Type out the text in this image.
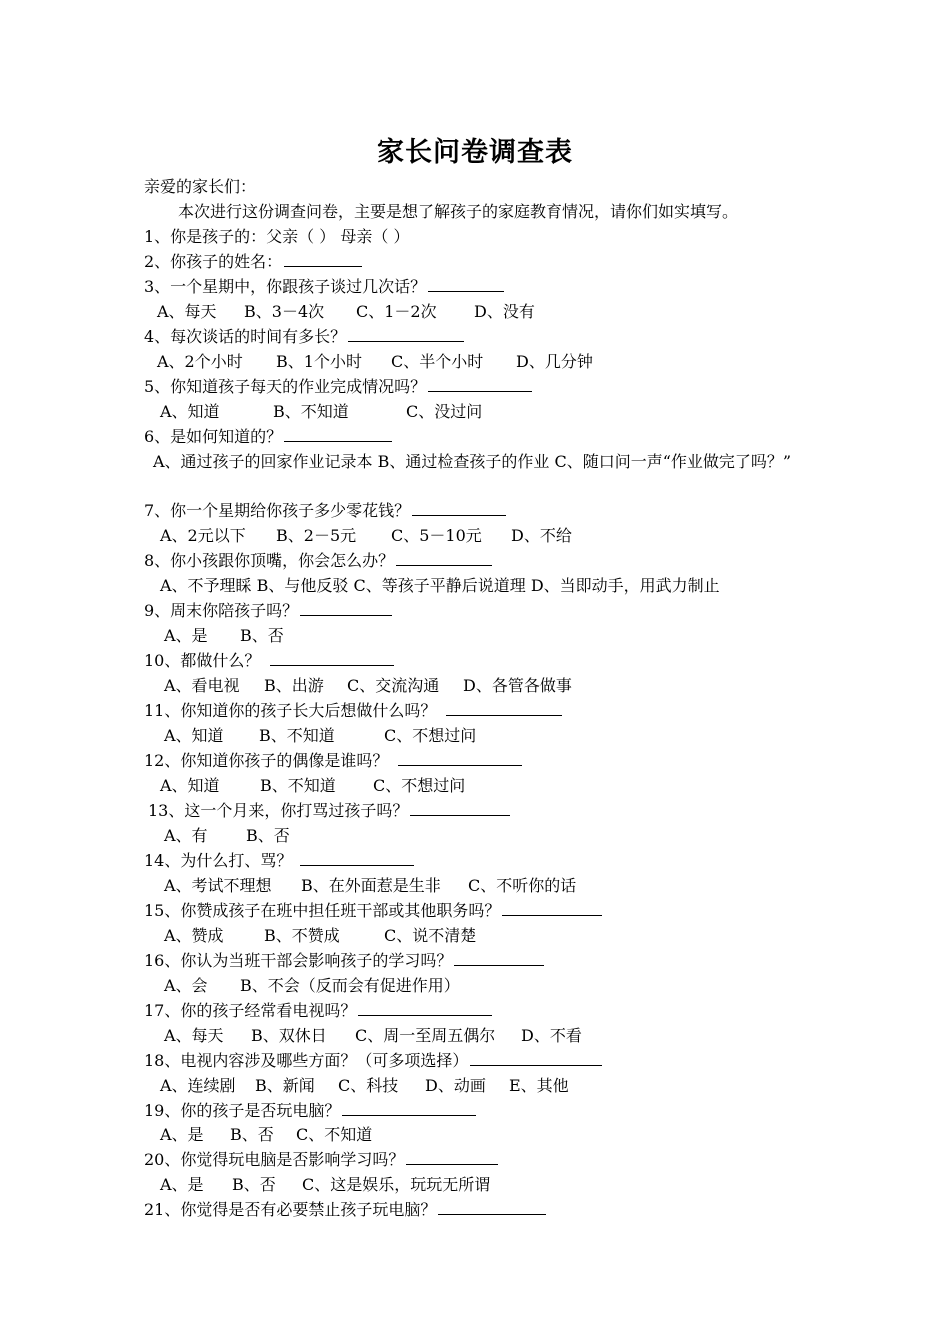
家长问卷调查表
亲爱的家长们：
本次进行这份调查问卷，主要是想了解孩子的家庭教育情况，请你们如实填写。
1、你是孩子的：父亲（ ） 母亲（ ）
2、你孩子的姓名：
3、一个星期中，你跟孩子谈过几次话？
A、每天 B、3－4次 C、1－2次 D、没有
4、每次谈话的时间有多长？
A、2个小时 B、1个小时 C、半个小时 D、几分钟
5、你知道孩子每天的作业完成情况吗？
A、知道	B、不知道	C、没过问
6、是如何知道的？
A、通过孩子的回家作业记录本 B、通过检查孩子的作业 C、随口问一声“作业做完了吗？”
7、你一个星期给你孩子多少零花钱？
A、2元以下 B、2－5元 C、5－10元 D、不给
8、你小孩跟你顶嘴，你会怎么办？
A、不予理睬 B、与他反驳 C、等孩子平静后说道理 D、当即动手，用武力制止
9、周末你陪孩子吗？
A、是 B、否
10、都做什么？
A、看电视 B、出游 C、交流沟通 D、各管各做事
11、你知道你的孩子长大后想做什么吗？
A、知道 B、不知道	C、不想过问
12、你知道你孩子的偶像是谁吗？
A、知道	B、不知道 C、不想过问
13、这一个月来，你打骂过孩子吗？
A、有 B、否
14、为什么打、骂？
A、考试不理想 B、在外面惹是生非 C、不听你的话
15、你赞成孩子在班中担任班干部或其他职务吗？
A、赞成	B、不赞成	C、说不清楚
16、你认为当班干部会影响孩子的学习吗？
A、会 B、不会（反而会有促进作用）
17、你的孩子经常看电视吗？
A、每天 B、双休日 C、周一至周五偶尔 D、不看
18、电视内容涉及哪些方面？（可多项选择）
A、连续剧 B、新闻 C、科技 D、动画 E、其他
19、你的孩子是否玩电脑？
A、是 B、否 C、不知道
20、你觉得玩电脑是否影响学习吗？
A、是 B、否 C、这是娱乐，玩玩无所谓
21、你觉得是否有必要禁止孩子玩电脑？
